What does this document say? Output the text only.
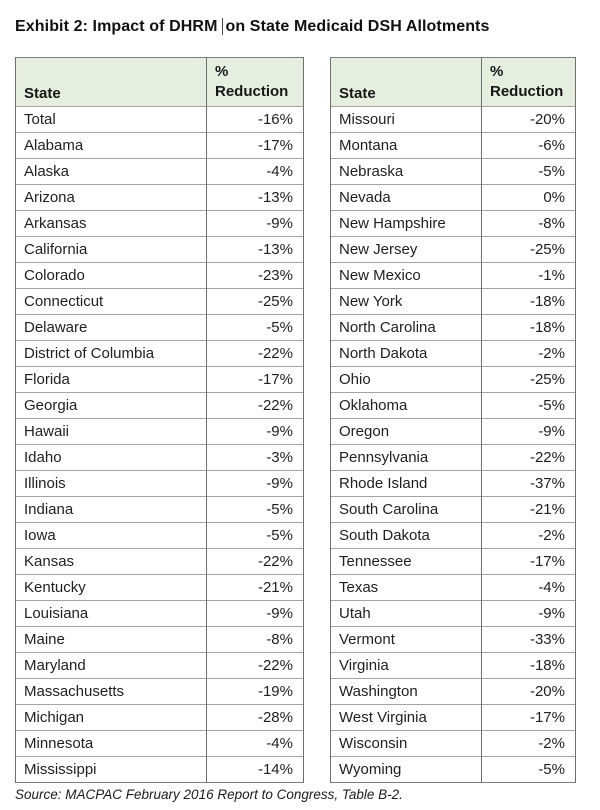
Exhibit 2: Impact of DHRM on State Medicaid DSH Allotments
State	% Reduction

Total	-16%
Alabama	-17%
Alaska	-4%
Arizona	-13%
Arkansas	-9%
California	-13%
Colorado	-23%
Connecticut	-25%
Delaware	-5%
District of Columbia	-22%
Florida	-17%
Georgia	-22%
Hawaii	-9%
Idaho	-3%
Illinois	-9%
Indiana	-5%
Iowa	-5%
Kansas	-22%
Kentucky	-21%
Louisiana	-9%
Maine	-8%
Maryland	-22%
Massachusetts	-19%
Michigan	-28%
Minnesota	-4%
Mississippi	-14%
State	% Reduction

Missouri	-20%
Montana	-6%
Nebraska	-5%
Nevada	0%
New Hampshire	-8%
New Jersey	-25%
New Mexico	-1%
New York	-18%
North Carolina	-18%
North Dakota	-2%
Ohio	-25%
Oklahoma	-5%
Oregon	-9%
Pennsylvania	-22%
Rhode Island	-37%
South Carolina	-21%
South Dakota	-2%
Tennessee	-17%
Texas	-4%
Utah	-9%
Vermont	-33%
Virginia	-18%
Washington	-20%
West Virginia	-17%
Wisconsin	-2%
Wyoming	-5%
Source: MACPAC February 2016 Report to Congress, Table B-2.
